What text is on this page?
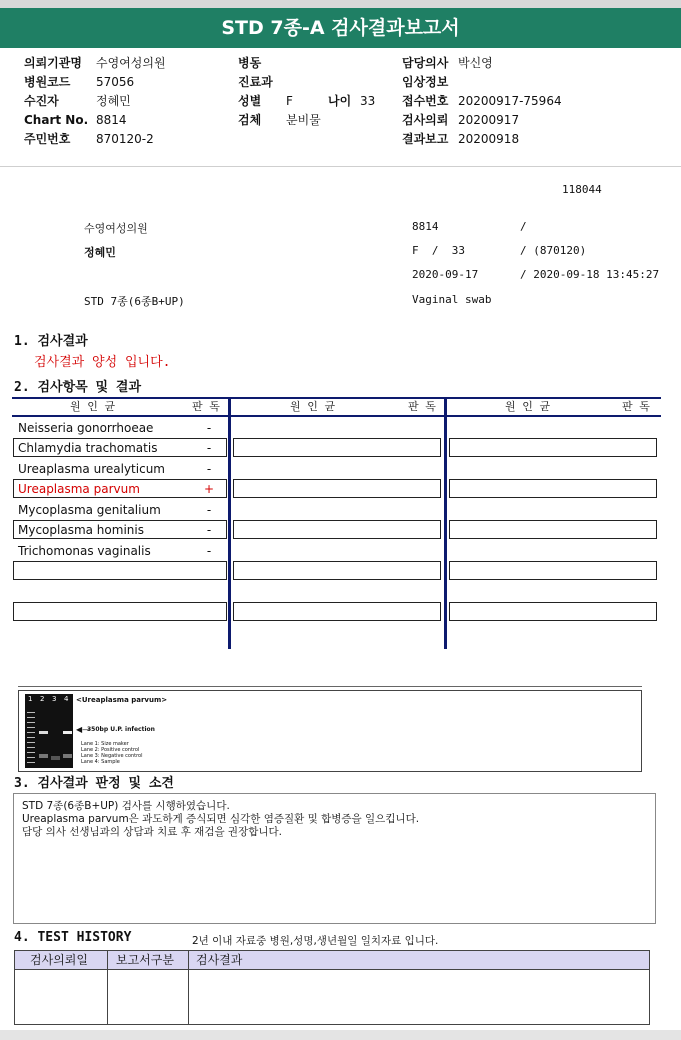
STD 7종-A 검사결과보고서
의뢰기관명 수영여성의원
병원코드 57056
수진자	정혜민
Chart No. 8814
주민번호 870120-2
병동
진료과
성별 F	나이 33
검체 분비물
담당의사 박신영
임상정보
접수번호 20200917-75964
검사의뢰 20200917
결과보고 20200918
118044
수영여성의원	8814	/
정혜민	F  /  33	/ (870120)
2020-09-17	/ 2020-09-18 13:45:27
STD 7종(6종B+UP)	Vaginal swab
1. 검사결과
검사결과 양성 입니다.
2. 검사항목 및 결과
원 인 균	판 독	원 인 균	판 독	원 인 균	판 독
Neisseria gonorrhoeae	-
Chlamydia trachomatis	-
Ureaplasma urealyticum	-
Ureaplasma parvum	+
Mycoplasma genitalium	-
Mycoplasma hominis	-
Trichomonas vaginalis	-
1 2 3 4 <Ureaplasma parvum>
◀—
350bp U.P. infection
Lane 1: Size maker
Lane 2: Positive control
Lane 3: Negative control
Lane 4: Sample
3. 검사결과 판정 및 소견

STD 7종(6종B+UP) 검사를 시행하였습니다.

Ureaplasma parvum은 과도하게 증식되면 심각한 염증질환 및 합병증을 일으킵니다.

담당 의사 선생님과의 상담과 치료 후 재검을 권장합니다.

4. TEST HISTORY	2년 이내 자료중 병원,성명,생년월일 일치자료 입니다.
검사의뢰일 보고서구분 검사결과
